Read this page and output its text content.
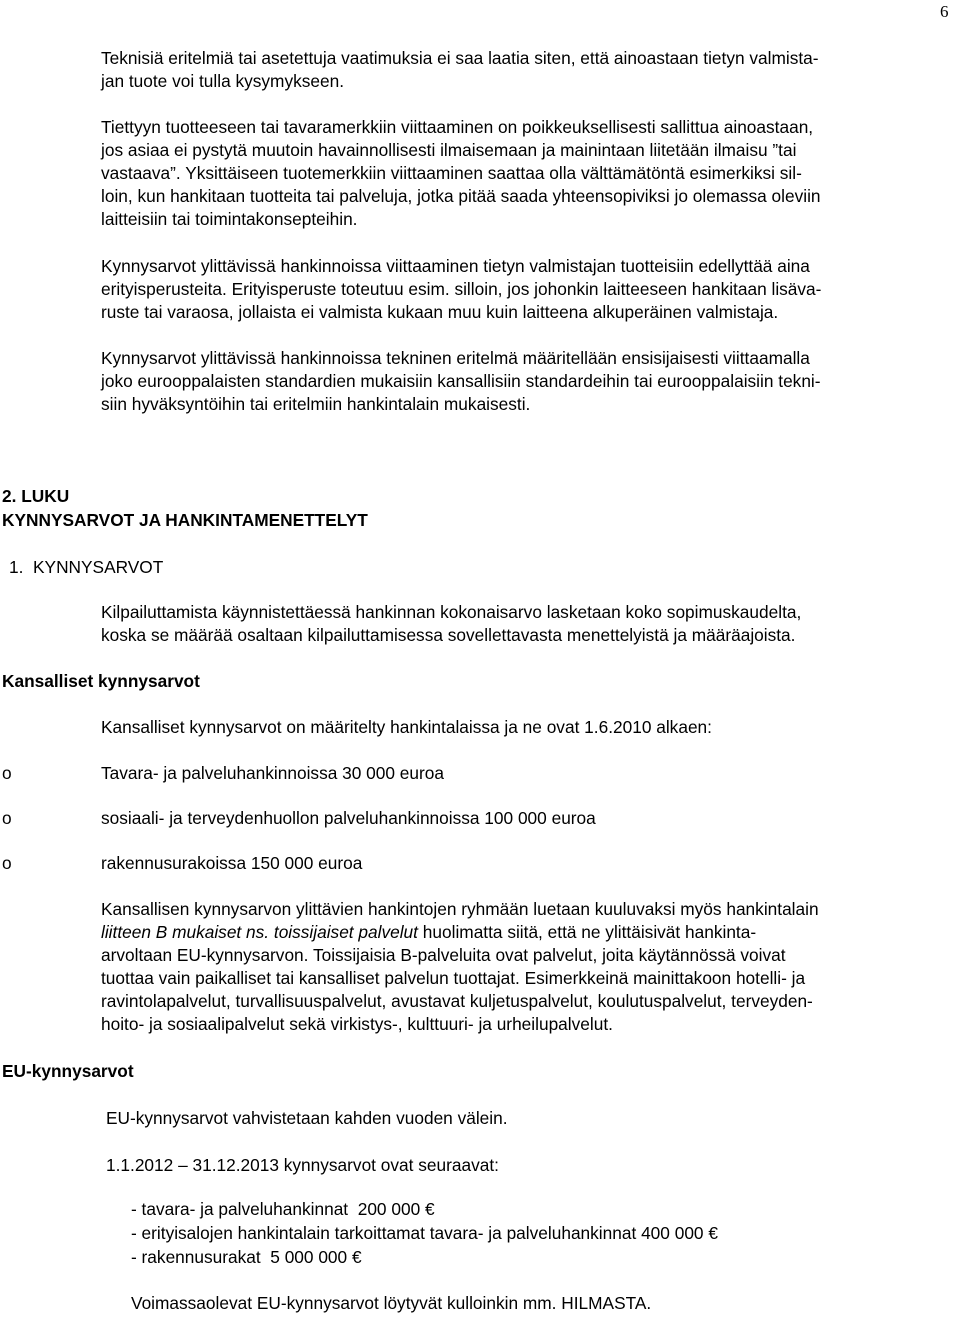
6
Teknisiä eritelmiä tai asetettuja vaatimuksia ei saa laatia siten, että ainoastaan tietyn valmista-
jan tuote voi tulla kysymykseen.
Tiettyyn tuotteeseen tai tavaramerkkiin viittaaminen on poikkeuksellisesti sallittua ainoastaan,
jos asiaa ei pystytä muutoin havainnollisesti ilmaisemaan ja mainintaan liitetään ilmaisu ”tai
vastaava”. Yksittäiseen tuotemerkkiin viittaaminen saattaa olla välttämätöntä esimerkiksi sil-
loin, kun hankitaan tuotteita tai palveluja, jotka pitää saada yhteensopiviksi jo olemassa oleviin
laitteisiin tai toimintakonsepteihin.
Kynnysarvot ylittävissä hankinnoissa viittaaminen tietyn valmistajan tuotteisiin edellyttää aina
erityisperusteita. Erityisperuste toteutuu esim. silloin, jos johonkin laitteeseen hankitaan lisäva-
ruste tai varaosa, jollaista ei valmista kukaan muu kuin laitteena alkuperäinen valmistaja.
Kynnysarvot ylittävissä hankinnoissa tekninen eritelmä määritellään ensisijaisesti viittaamalla
joko eurooppalaisten standardien mukaisiin kansallisiin standardeihin tai eurooppalaisiin tekni-
siin hyväksyntöihin tai eritelmiin hankintalain mukaisesti.
2. LUKU
KYNNYSARVOT JA HANKINTAMENETTELYT
1.  KYNNYSARVOT
Kilpailuttamista käynnistettäessä hankinnan kokonaisarvo lasketaan koko sopimuskaudelta,
koska se määrää osaltaan kilpailuttamisessa sovellettavasta menettelyistä ja määräajoista.
Kansalliset kynnysarvot
Kansalliset kynnysarvot on määritelty hankintalaissa ja ne ovat 1.6.2010 alkaen:
o	Tavara- ja palveluhankinnoissa 30 000 euroa
o	sosiaali- ja terveydenhuollon palveluhankinnoissa 100 000 euroa
o	rakennusurakoissa 150 000 euroa
Kansallisen kynnysarvon ylittävien hankintojen ryhmään luetaan kuuluvaksi myös hankintalain
liitteen B mukaiset ns. toissijaiset palvelut huolimatta siitä, että ne ylittäisivät hankinta-
arvoltaan EU-kynnysarvon. Toissijaisia B-palveluita ovat palvelut, joita käytännössä voivat
tuottaa vain paikalliset tai kansalliset palvelun tuottajat. Esimerkkeinä mainittakoon hotelli- ja
ravintolapalvelut, turvallisuuspalvelut, avustavat kuljetuspalvelut, koulutuspalvelut, terveyden-
hoito- ja sosiaalipalvelut sekä virkistys-, kulttuuri- ja urheilupalvelut.
EU-kynnysarvot
EU-kynnysarvot vahvistetaan kahden vuoden välein.
1.1.2012 – 31.12.2013 kynnysarvot ovat seuraavat:
- tavara- ja palveluhankinnat  200 000 €
- erityisalojen hankintalain tarkoittamat tavara- ja palveluhankinnat 400 000 €
- rakennusurakat  5 000 000 €
Voimassaolevat EU-kynnysarvot löytyvät kulloinkin mm. HILMASTA.
